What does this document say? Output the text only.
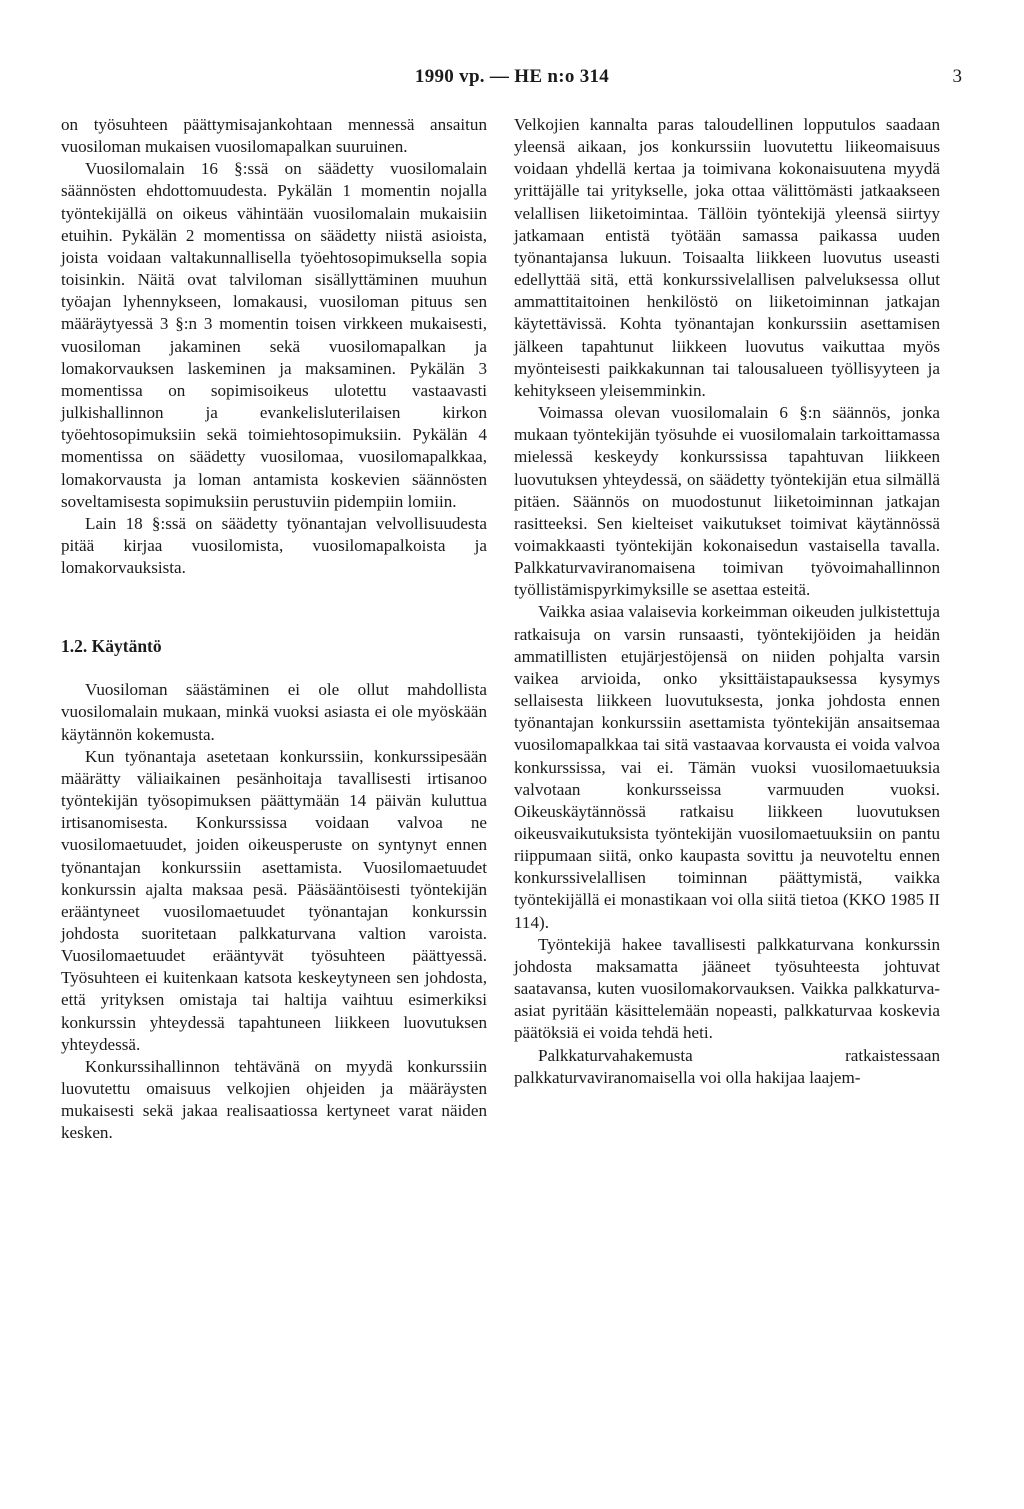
1990 vp. — HE n:o 314	3

on työsuhteen päättymisajankohtaan mennessä ansaitun vuosiloman mukaisen vuosilomapalkan suuruinen.

Vuosilomalain 16 §:ssä on säädetty vuosilomalain säännösten ehdottomuudesta. Pykälän 1 momentin nojalla työntekijällä on oikeus vähintään vuosilomalain mukaisiin etuihin. Pykälän 2 momentissa on säädetty niistä asioista, joista voidaan valtakunnallisella työehtosopimuksella sopia toisinkin. Näitä ovat talviloman sisällyttäminen muuhun työajan lyhennykseen, lomakausi, vuosiloman pituus sen määräytyessä 3 §:n 3 momentin toisen virkkeen mukaisesti, vuosiloman jakaminen sekä vuosilomapalkan ja lomakorvauksen laskeminen ja maksaminen. Pykälän 3 momentissa on sopimisoikeus ulotettu vastaavasti julkishallinnon ja evankelisluterilaisen kirkon työehtosopimuksiin sekä toimiehtosopimuksiin. Pykälän 4 momentissa on säädetty vuosilomaa, vuosilomapalkkaa, lomakorvausta ja loman antamista koskevien säännösten soveltamisesta sopimuksiin perustuviin pidempiin lomiin.

Lain 18 §:ssä on säädetty työnantajan velvollisuudesta pitää kirjaa vuosilomista, vuosilomapalkoista ja lomakorvauksista.

1.2. Käytäntö

Vuosiloman säästäminen ei ole ollut mahdollista vuosilomalain mukaan, minkä vuoksi asiasta ei ole myöskään käytännön kokemusta.

Kun työnantaja asetetaan konkurssiin, konkurssipesään määrätty väliaikainen pesänhoitaja tavallisesti irtisanoo työntekijän työsopimuksen päättymään 14 päivän kuluttua irtisanomisesta. Konkurssissa voidaan valvoa ne vuosilomaetuudet, joiden oikeusperuste on syntynyt ennen työnantajan konkurssiin asettamista. Vuosilomaetuudet konkurssin ajalta maksaa pesä. Pääsääntöisesti työntekijän erääntyneet vuosilomaetuudet työnantajan konkurssin johdosta suoritetaan palkkaturvana valtion varoista. Vuosilomaetuudet erääntyvät työsuhteen päättyessä. Työsuhteen ei kuitenkaan katsota keskeytyneen sen johdosta, että yrityksen omistaja tai haltija vaihtuu esimerkiksi konkurssin yhteydessä tapahtuneen liikkeen luovutuksen yhteydessä.

Konkurssihallinnon tehtävänä on myydä konkurssiin luovutettu omaisuus velkojien ohjeiden ja määräysten mukaisesti sekä jakaa realisaatiossa kertyneet varat näiden kesken.

Velkojien kannalta paras taloudellinen lopputulos saadaan yleensä aikaan, jos konkurssiin luovutettu liikeomaisuus voidaan yhdellä kertaa ja toimivana kokonaisuutena myydä yrittäjälle tai yritykselle, joka ottaa välittömästi jatkaakseen velallisen liiketoimintaa. Tällöin työntekijä yleensä siirtyy jatkamaan entistä työtään samassa paikassa uuden työnantajansa lukuun. Toisaalta liikkeen luovutus useasti edellyttää sitä, että konkurssivelallisen palveluksessa ollut ammattitaitoinen henkilöstö on liiketoiminnan jatkajan käytettävissä. Kohta työnantajan konkurssiin asettamisen jälkeen tapahtunut liikkeen luovutus vaikuttaa myös myönteisesti paikkakunnan tai talousalueen työllisyyteen ja kehitykseen yleisemminkin.

Voimassa olevan vuosilomalain 6 §:n säännös, jonka mukaan työntekijän työsuhde ei vuosilomalain tarkoittamassa mielessä keskeydy konkurssissa tapahtuvan liikkeen luovutuksen yhteydessä, on säädetty työntekijän etua silmällä pitäen. Säännös on muodostunut liiketoiminnan jatkajan rasitteeksi. Sen kielteiset vaikutukset toimivat käytännössä voimakkaasti työntekijän kokonaisedun vastaisella tavalla. Palkkaturvaviranomaisena toimivan työvoimahallinnon työllistämispyrkimyksille se asettaa esteitä.

Vaikka asiaa valaisevia korkeimman oikeuden julkistettuja ratkaisuja on varsin runsaasti, työntekijöiden ja heidän ammatillisten etujärjestöjensä on niiden pohjalta varsin vaikea arvioida, onko yksittäistapauksessa kysymys sellaisesta liikkeen luovutuksesta, jonka johdosta ennen työnantajan konkurssiin asettamista työntekijän ansaitsemaa vuosilomapalkkaa tai sitä vastaavaa korvausta ei voida valvoa konkurssissa, vai ei. Tämän vuoksi vuosilomaetuuksia valvotaan konkursseissa varmuuden vuoksi. Oikeuskäytännössä ratkaisu liikkeen luovutuksen oikeusvaikutuksista työntekijän vuosilomaetuuksiin on pantu riippumaan siitä, onko kaupasta sovittu ja neuvoteltu ennen konkurssivelallisen toiminnan päättymistä, vaikka työntekijällä ei monastikaan voi olla siitä tietoa (KKO 1985 II 114).

Työntekijä hakee tavallisesti palkkaturvana konkurssin johdosta maksamatta jääneet työsuhteesta johtuvat saatavansa, kuten vuosilomakorvauksen. Vaikka palkkaturva-asiat pyritään käsittelemään nopeasti, palkkaturvaa koskevia päätöksiä ei voida tehdä heti.

Palkkaturvahakemusta ratkaistessaan palkkaturvaviranomaisella voi olla hakijaa laajem-
